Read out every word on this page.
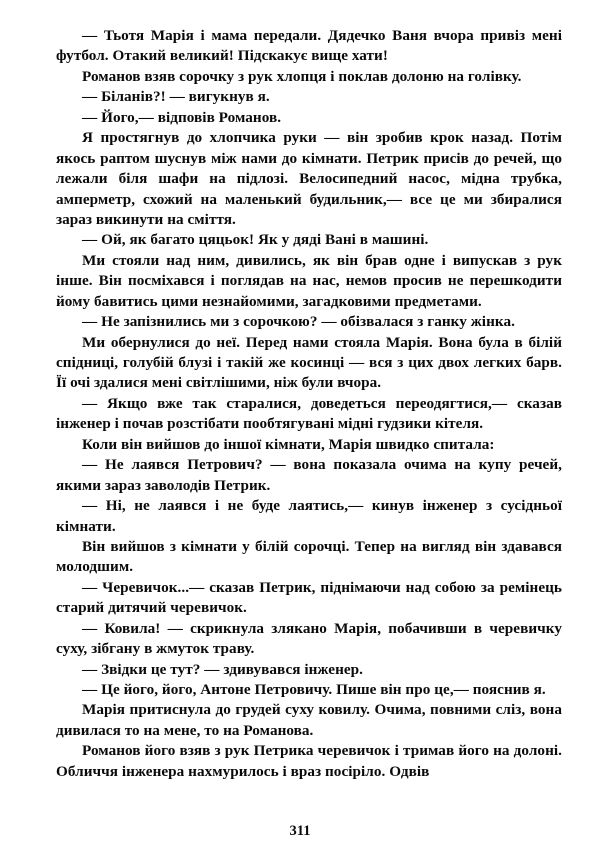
— Тьотя Марія і мама передали. Дядечко Ваня вчора привіз мені футбол. Отакий великий! Підскакує вище хати!

Романов взяв сорочку з рук хлопця і поклав долоню на голівку.

— Біланів?! — вигукнув я.

— Його,— відповів Романов.

Я простягнув до хлопчика руки — він зробив крок назад. Потім якось раптом шуснув між нами до кімнати. Петрик присів до речей, що лежали біля шафи на підлозі. Велосипедний насос, мідна трубка, амперметр, схожий на маленький будильник,— все це ми збиралися зараз викинути на сміття.

— Ой, як багато цяцьок! Як у дяді Вані в машині.

Ми стояли над ним, дивились, як він брав одне і випускав з рук інше. Він посміхався і поглядав на нас, немов просив не перешкодити йому бавитись цими незнайомими, загадковими предметами.

— Не запізнились ми з сорочкою? — обізвалася з ганку жінка.

Ми обернулися до неї. Перед нами стояла Марія. Вона була в білій спідниці, голубій блузі і такій же косинці — вся з цих двох легких барв. Її очі здалися мені світлішими, ніж були вчора.

— Якщо вже так старалися, доведеться переодягтися,— сказав інженер і почав розстібати пообтягувані мідні гудзики кітеля.

Коли він вийшов до іншої кімнати, Марія швидко спитала:

— Не лаявся Петрович? — вона показала очима на купу речей, якими зараз заволодів Петрик.

— Ні, не лаявся і не буде лаятись,— кинув інженер з сусідньої кімнати.

Він вийшов з кімнати у білій сорочці. Тепер на вигляд він здавався молодшим.

— Черевичок...— сказав Петрик, піднімаючи над собою за ремінець старий дитячий черевичок.

— Ковила! — скрикнула злякано Марія, побачивши в черевичку суху, зібгану в жмуток траву.

— Звідки це тут? — здивувався інженер.

— Це його, його, Антоне Петровичу. Пише він про це,— пояснив я.

Марія притиснула до грудей суху ковилу. Очима, повними сліз, вона дивилася то на мене, то на Романова.

Романов його взяв з рук Петрика черевичок і тримав його на долоні. Обличчя інженера нахмурилось і враз посіріло. Одвів

311
